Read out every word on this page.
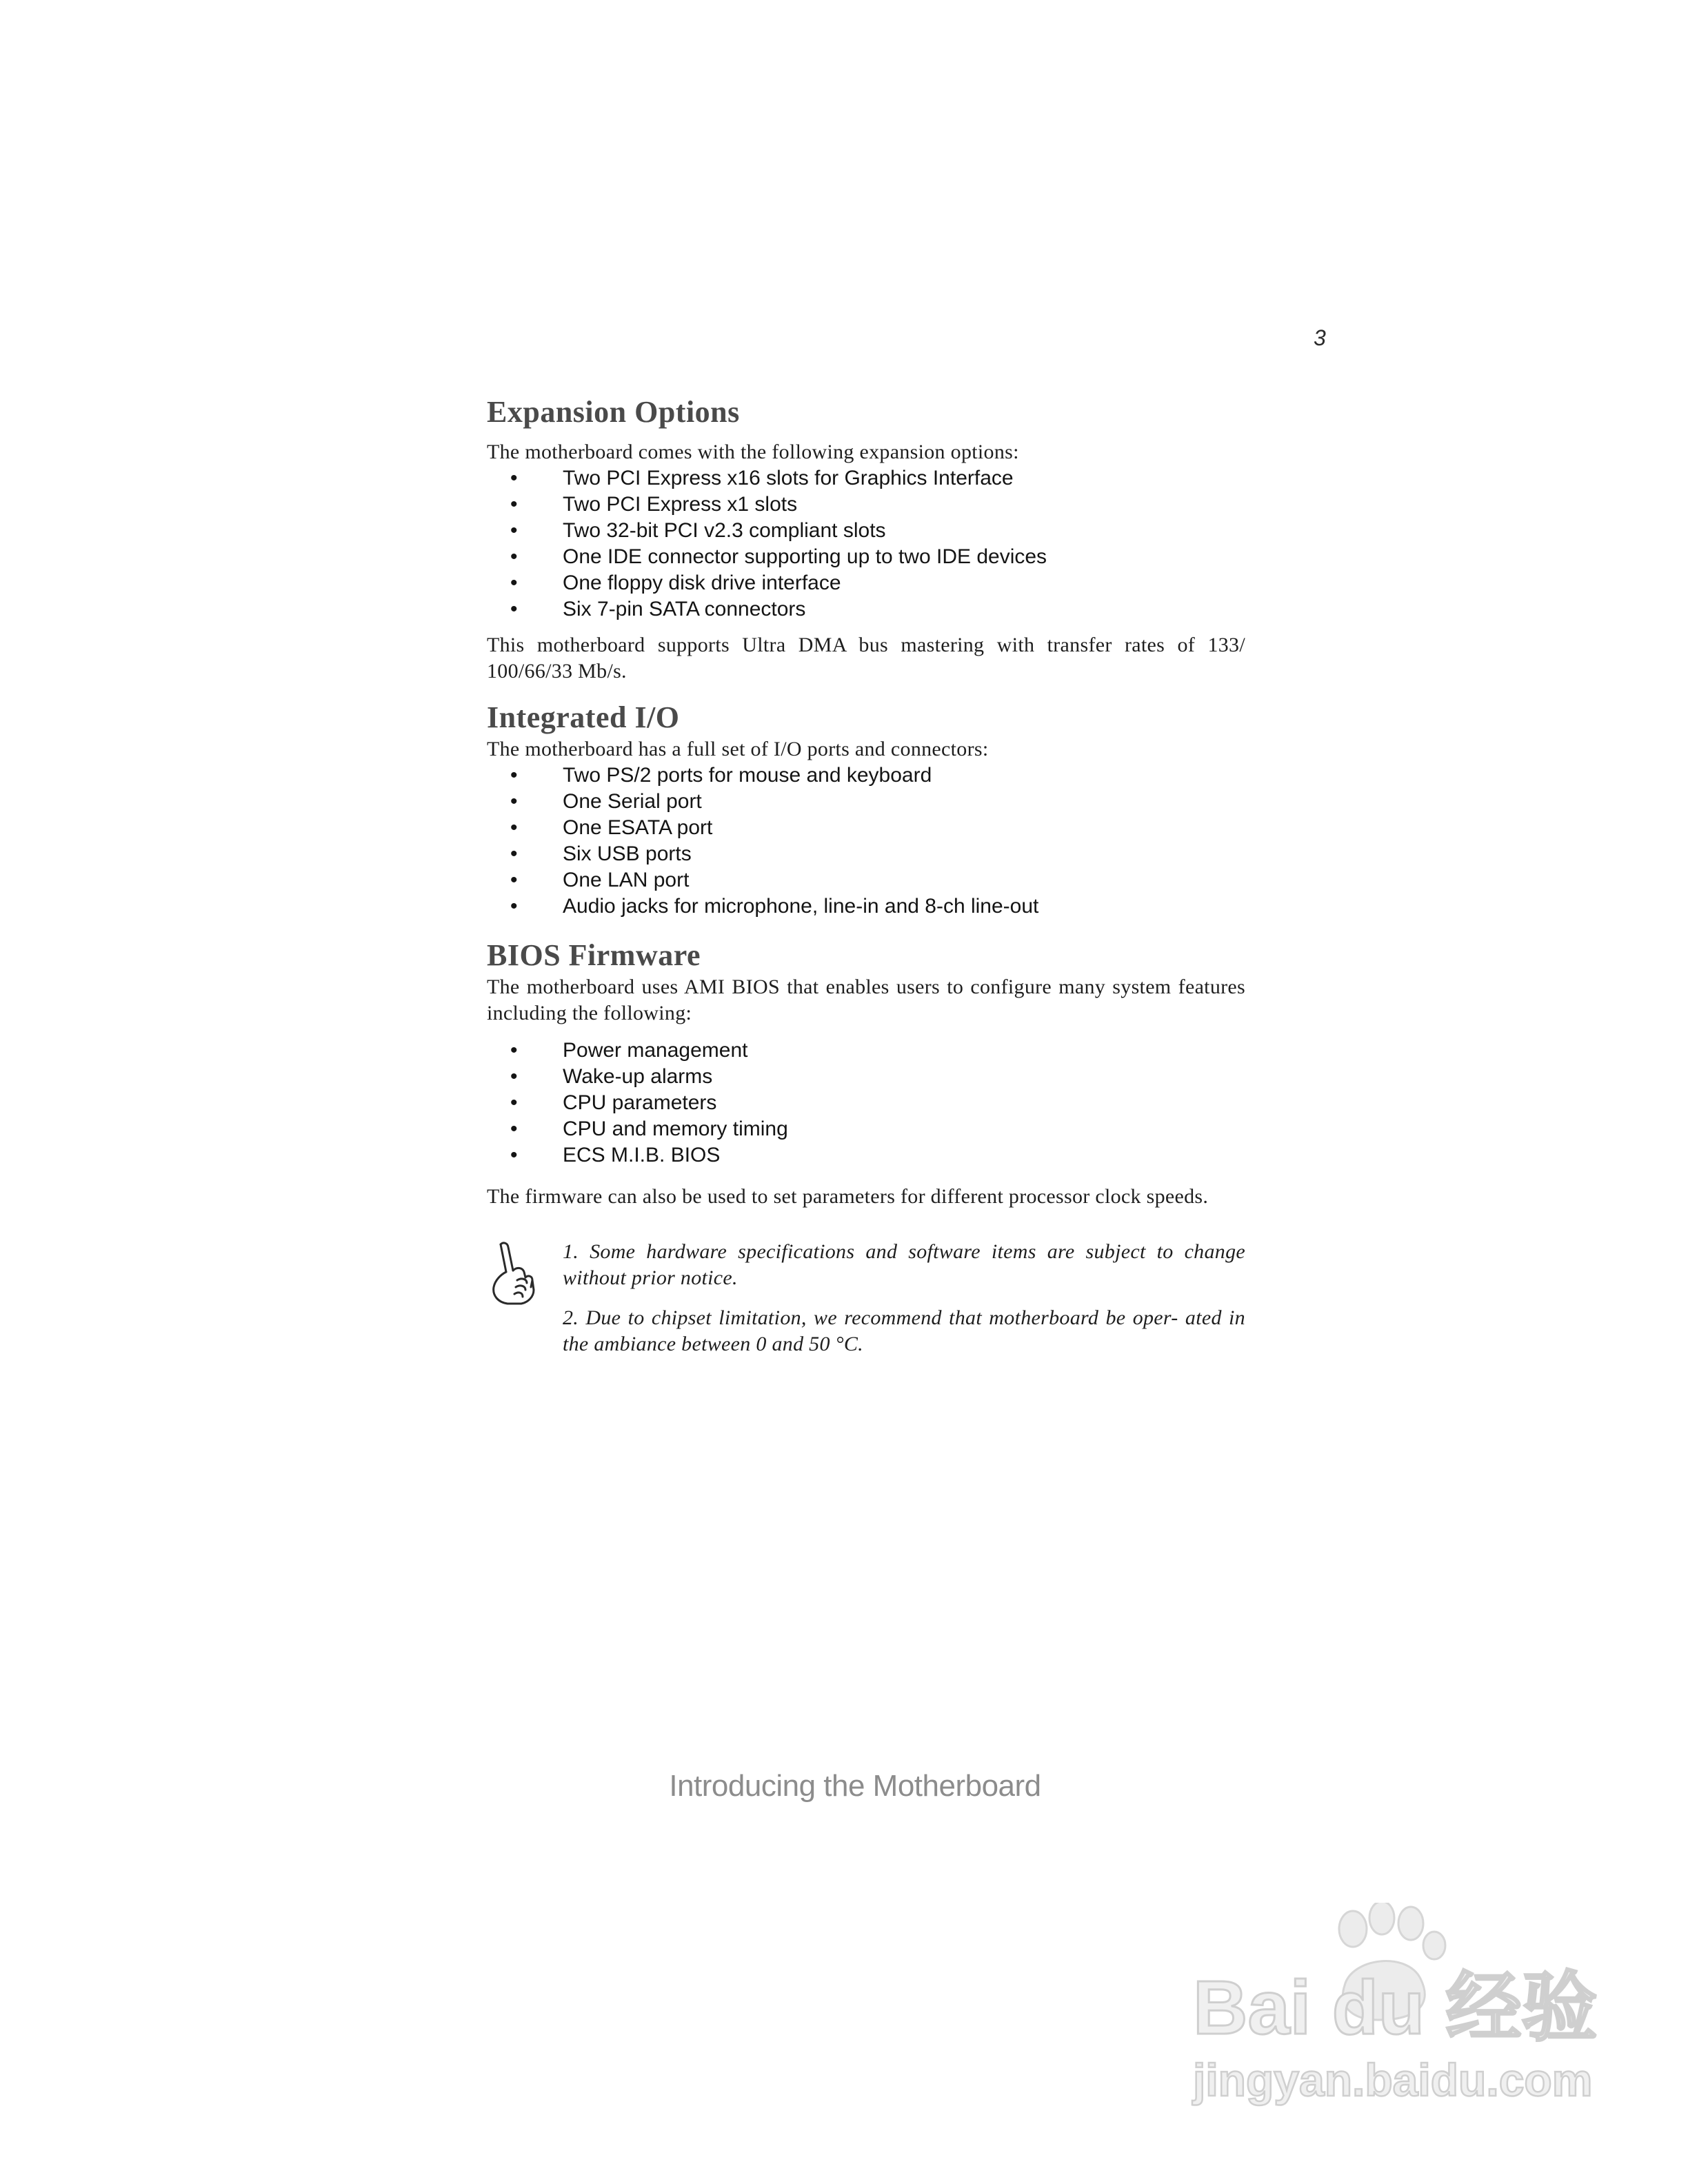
3
Expansion Options

The motherboard comes with the following expansion options:

• Two PCI Express x16 slots for Graphics Interface
• Two PCI Express x1 slots
• Two 32-bit PCI v2.3 compliant slots
• One IDE connector supporting up to two IDE devices
• One floppy disk drive interface
• Six 7-pin SATA connectors

This motherboard supports Ultra DMA bus mastering with transfer rates of 133/ 100/66/33 Mb/s.

Integrated I/O

The motherboard has a full set of I/O ports and connectors:

• Two PS/2 ports for mouse and keyboard
• One Serial port
• One ESATA port
• Six USB ports
• One LAN port
• Audio jacks for microphone, line-in and 8-ch line-out
BIOS Firmware

The motherboard uses AMI BIOS that enables users to configure many system features including the following:

• Power management
• Wake-up alarms
• CPU parameters
• CPU and memory timing
• ECS M.I.B. BIOS

The firmware can also be used to set parameters for different processor clock speeds.

1. Some hardware specifications and software items are subject to change without prior notice.

2. Due to chipset limitation, we recommend that motherboard be oper- ated in the ambiance between 0 and 50 °C.

Introducing the Motherboard
Bai du 经验
jingyan.baidu.com
